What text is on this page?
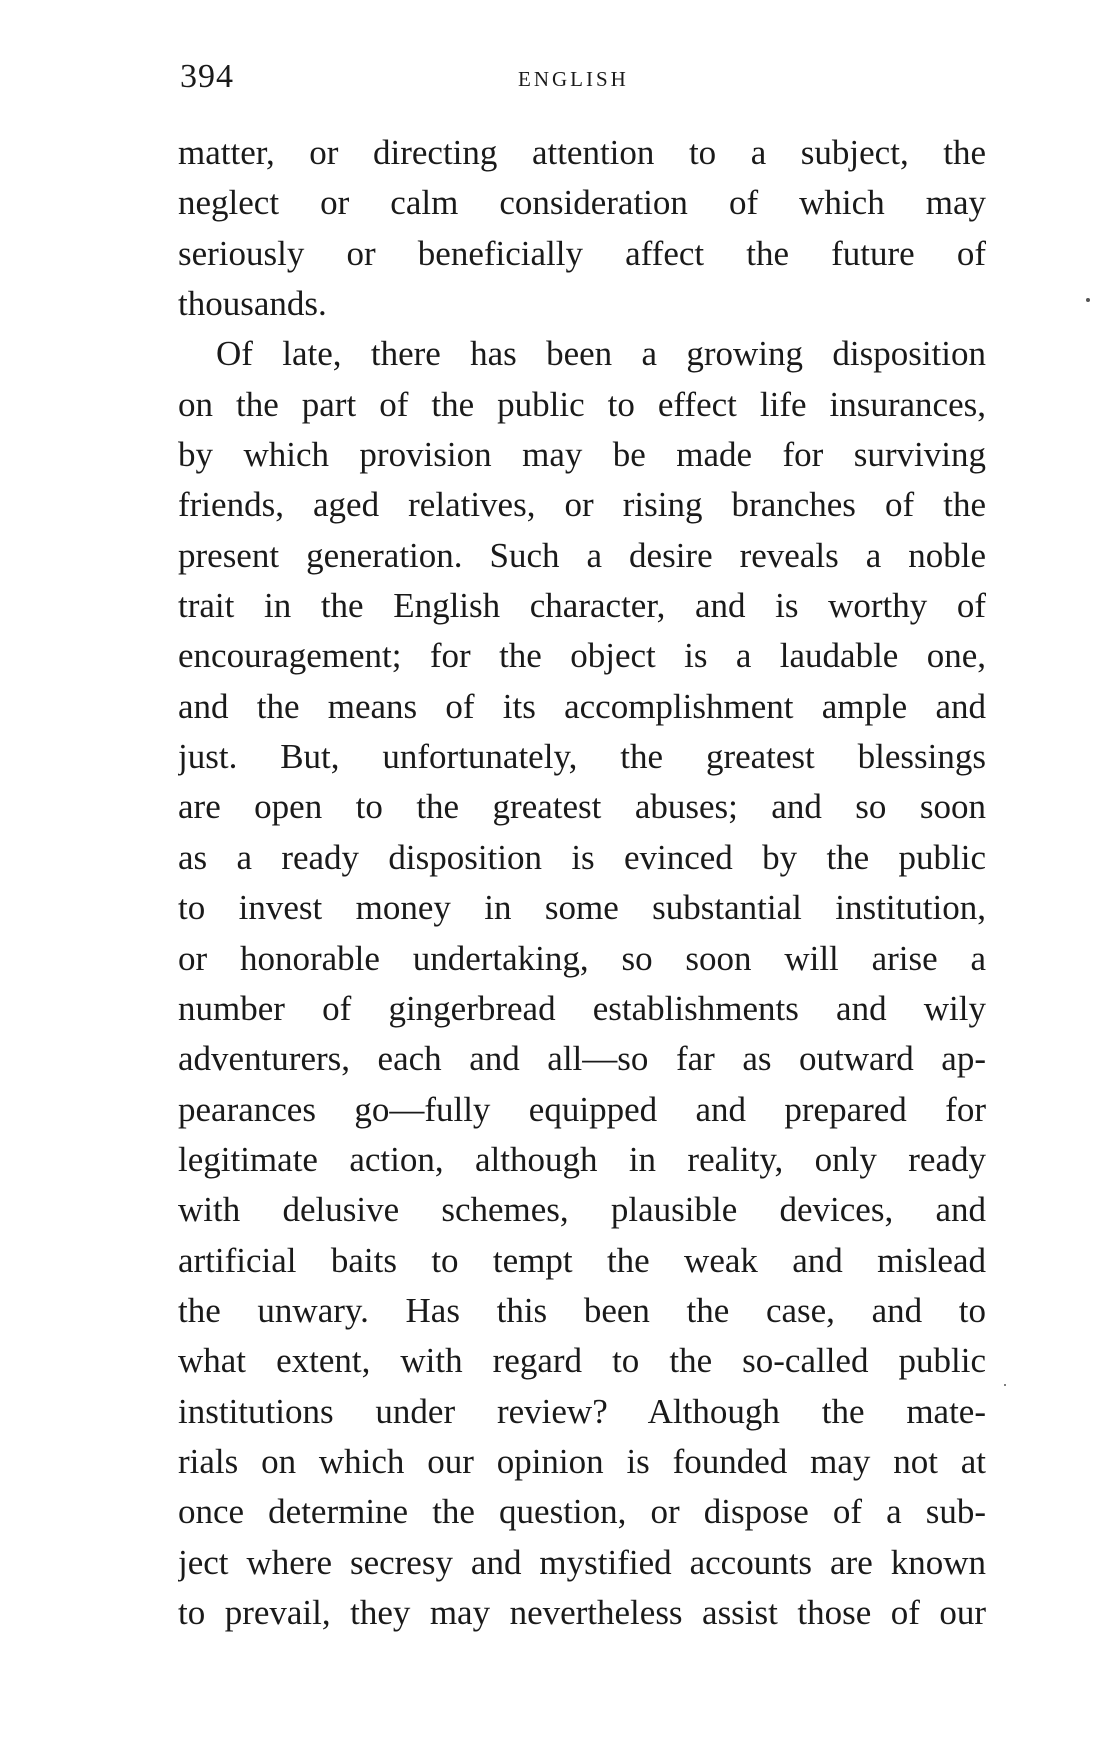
394	ENGLISH
matter, or directing attention to a subject, the
neglect or calm consideration of which may
seriously or beneficially affect the future of
thousands.
Of late, there has been a growing disposition
on the part of the public to effect life insurances,
by which provision may be made for surviving
friends, aged relatives, or rising branches of the
present generation. Such a desire reveals a noble
trait in the English character, and is worthy of
encouragement; for the object is a laudable one,
and the means of its accomplishment ample and
just. But, unfortunately, the greatest blessings
are open to the greatest abuses; and so soon
as a ready disposition is evinced by the public
to invest money in some substantial institution,
or honorable undertaking, so soon will arise a
number of gingerbread establishments and wily
adventurers, each and all—so far as outward ap-
pearances go—fully equipped and prepared for
legitimate action, although in reality, only ready
with delusive schemes, plausible devices, and
artificial baits to tempt the weak and mislead
the unwary. Has this been the case, and to
what extent, with regard to the so-called public
institutions under review? Although the mate-
rials on which our opinion is founded may not at
once determine the question, or dispose of a sub-
ject where secresy and mystified accounts are known
to prevail, they may nevertheless assist those of our
